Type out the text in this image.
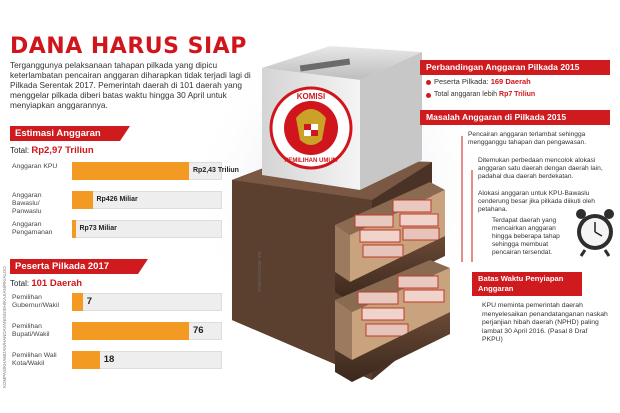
KOMISI
PEMILIHAN UMUM
DANA HARUS SIAP
Terganggunya pelaksanaan tahapan pilkada yang dipicu keterlambatan pencairan anggaran diharapkan tidak terjadi lagi di Pilkada Serentak 2017. Pemerintah daerah di 101 daerah yang menggelar pilkada diberi batas waktu hingga 30 April untuk menyiapkan anggarannya.
Estimasi Anggaran
Total: Rp2,97 Triliun
Anggaran KPU
Rp2,43 Triliun
Anggaran Bawaslu/ Panwaslu
Rp426 Miliar
Anggaran Pengamanan
Rp73 Miliar
Peserta Pilkada 2017
Total: 101 Daerah
Pemilihan Gubernur/Wakil	7
Pemilihan Bupati/Wakil	76
Pemilihan Wali Kota/Wakil	18
KOMPAS/KHAMDAN/HANDAYANINGSIH/KAJIAN/RK/ALDO	KOMPAS/DIDIE SW
Perbandingan Anggaran Pilkada 2015
Peserta Pilkada: 169 Daerah
Total anggaran lebih Rp7 Triliun
Masalah Anggaran di Pilkada 2015
Pencairan anggaran terlambat sehingga mengganggu tahapan dan pengawasan.
Ditemukan perbedaan mencolok alokasi anggaran satu daerah dengan daerah lain, padahal dua daerah berdekatan.
Alokasi anggaran untuk KPU-Bawaslu cenderung besar jika pilkada diikuti oleh petahana.
Terdapat daerah yang mencairkan anggaran hingga beberapa tahap sehingga membuat pencairan tersendat.
Batas Waktu Penyiapan Anggaran
KPU meminta pemerintah daerah menyelesaikan penandatanganan naskah perjanjian hibah daerah (NPHD) paling lambat 30 April 2016. (Pasal 8 Draf PKPU)
